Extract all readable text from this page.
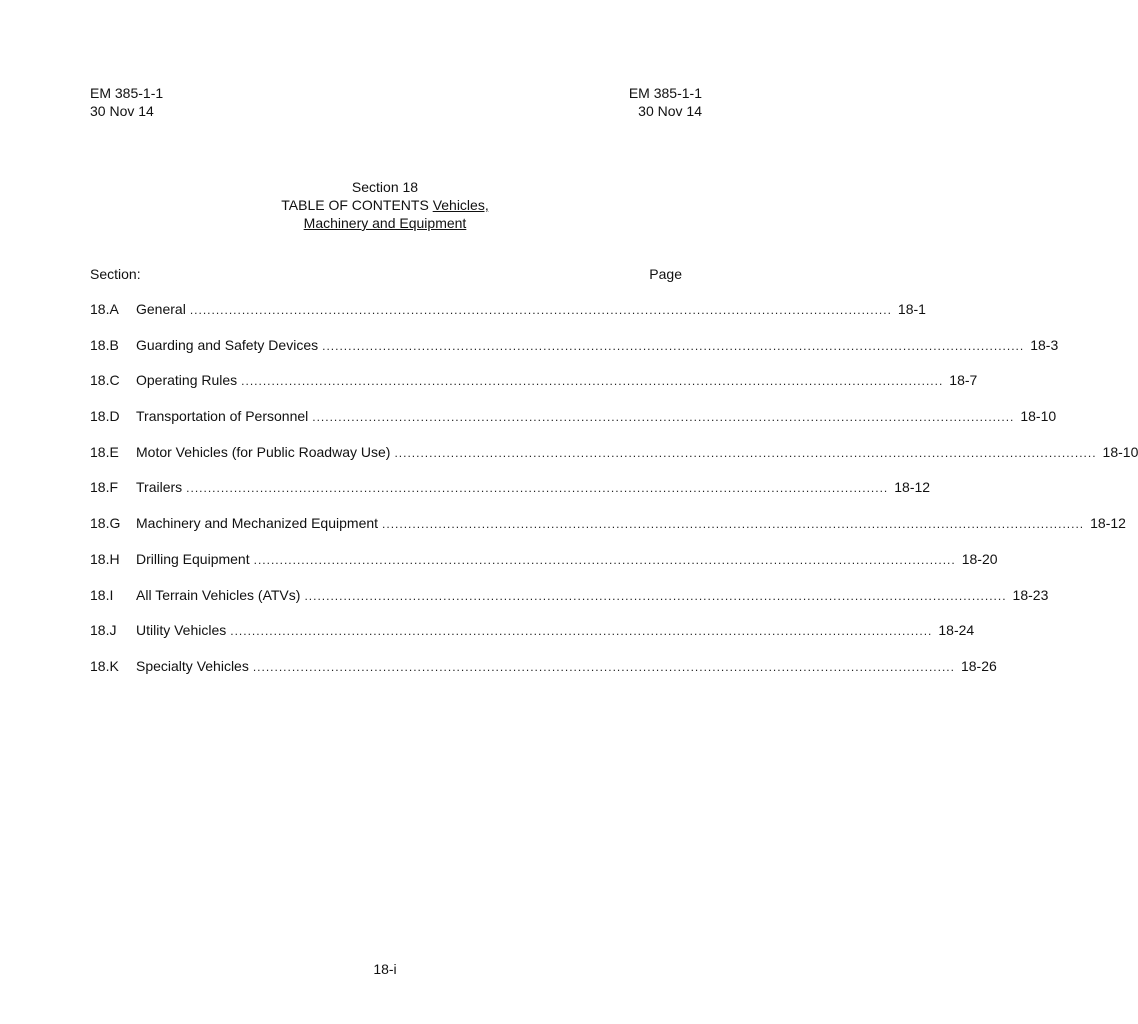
EM 385-1-1
30 Nov 14
EM 385-1-1
30 Nov 14
Section 18
TABLE OF CONTENTS Vehicles,
Machinery and Equipment
Section:	Page
18.A	General .................................................................................................................................................................. 18-1
18.B	Guarding and Safety Devices .................................................................................................................................................................. 18-3
18.C	Operating Rules .................................................................................................................................................................. 18-7
18.D	Transportation of Personnel .................................................................................................................................................................. 18-10
18.E	Motor Vehicles (for Public Roadway Use) .................................................................................................................................................................. 18-10
18.F	Trailers .................................................................................................................................................................. 18-12
18.G	Machinery and Mechanized Equipment .................................................................................................................................................................. 18-12
18.H	Drilling Equipment .................................................................................................................................................................. 18-20
18.I	All Terrain Vehicles (ATVs) .................................................................................................................................................................. 18-23
18.J	Utility Vehicles .................................................................................................................................................................. 18-24
18.K	Specialty Vehicles .................................................................................................................................................................. 18-26
18-i
